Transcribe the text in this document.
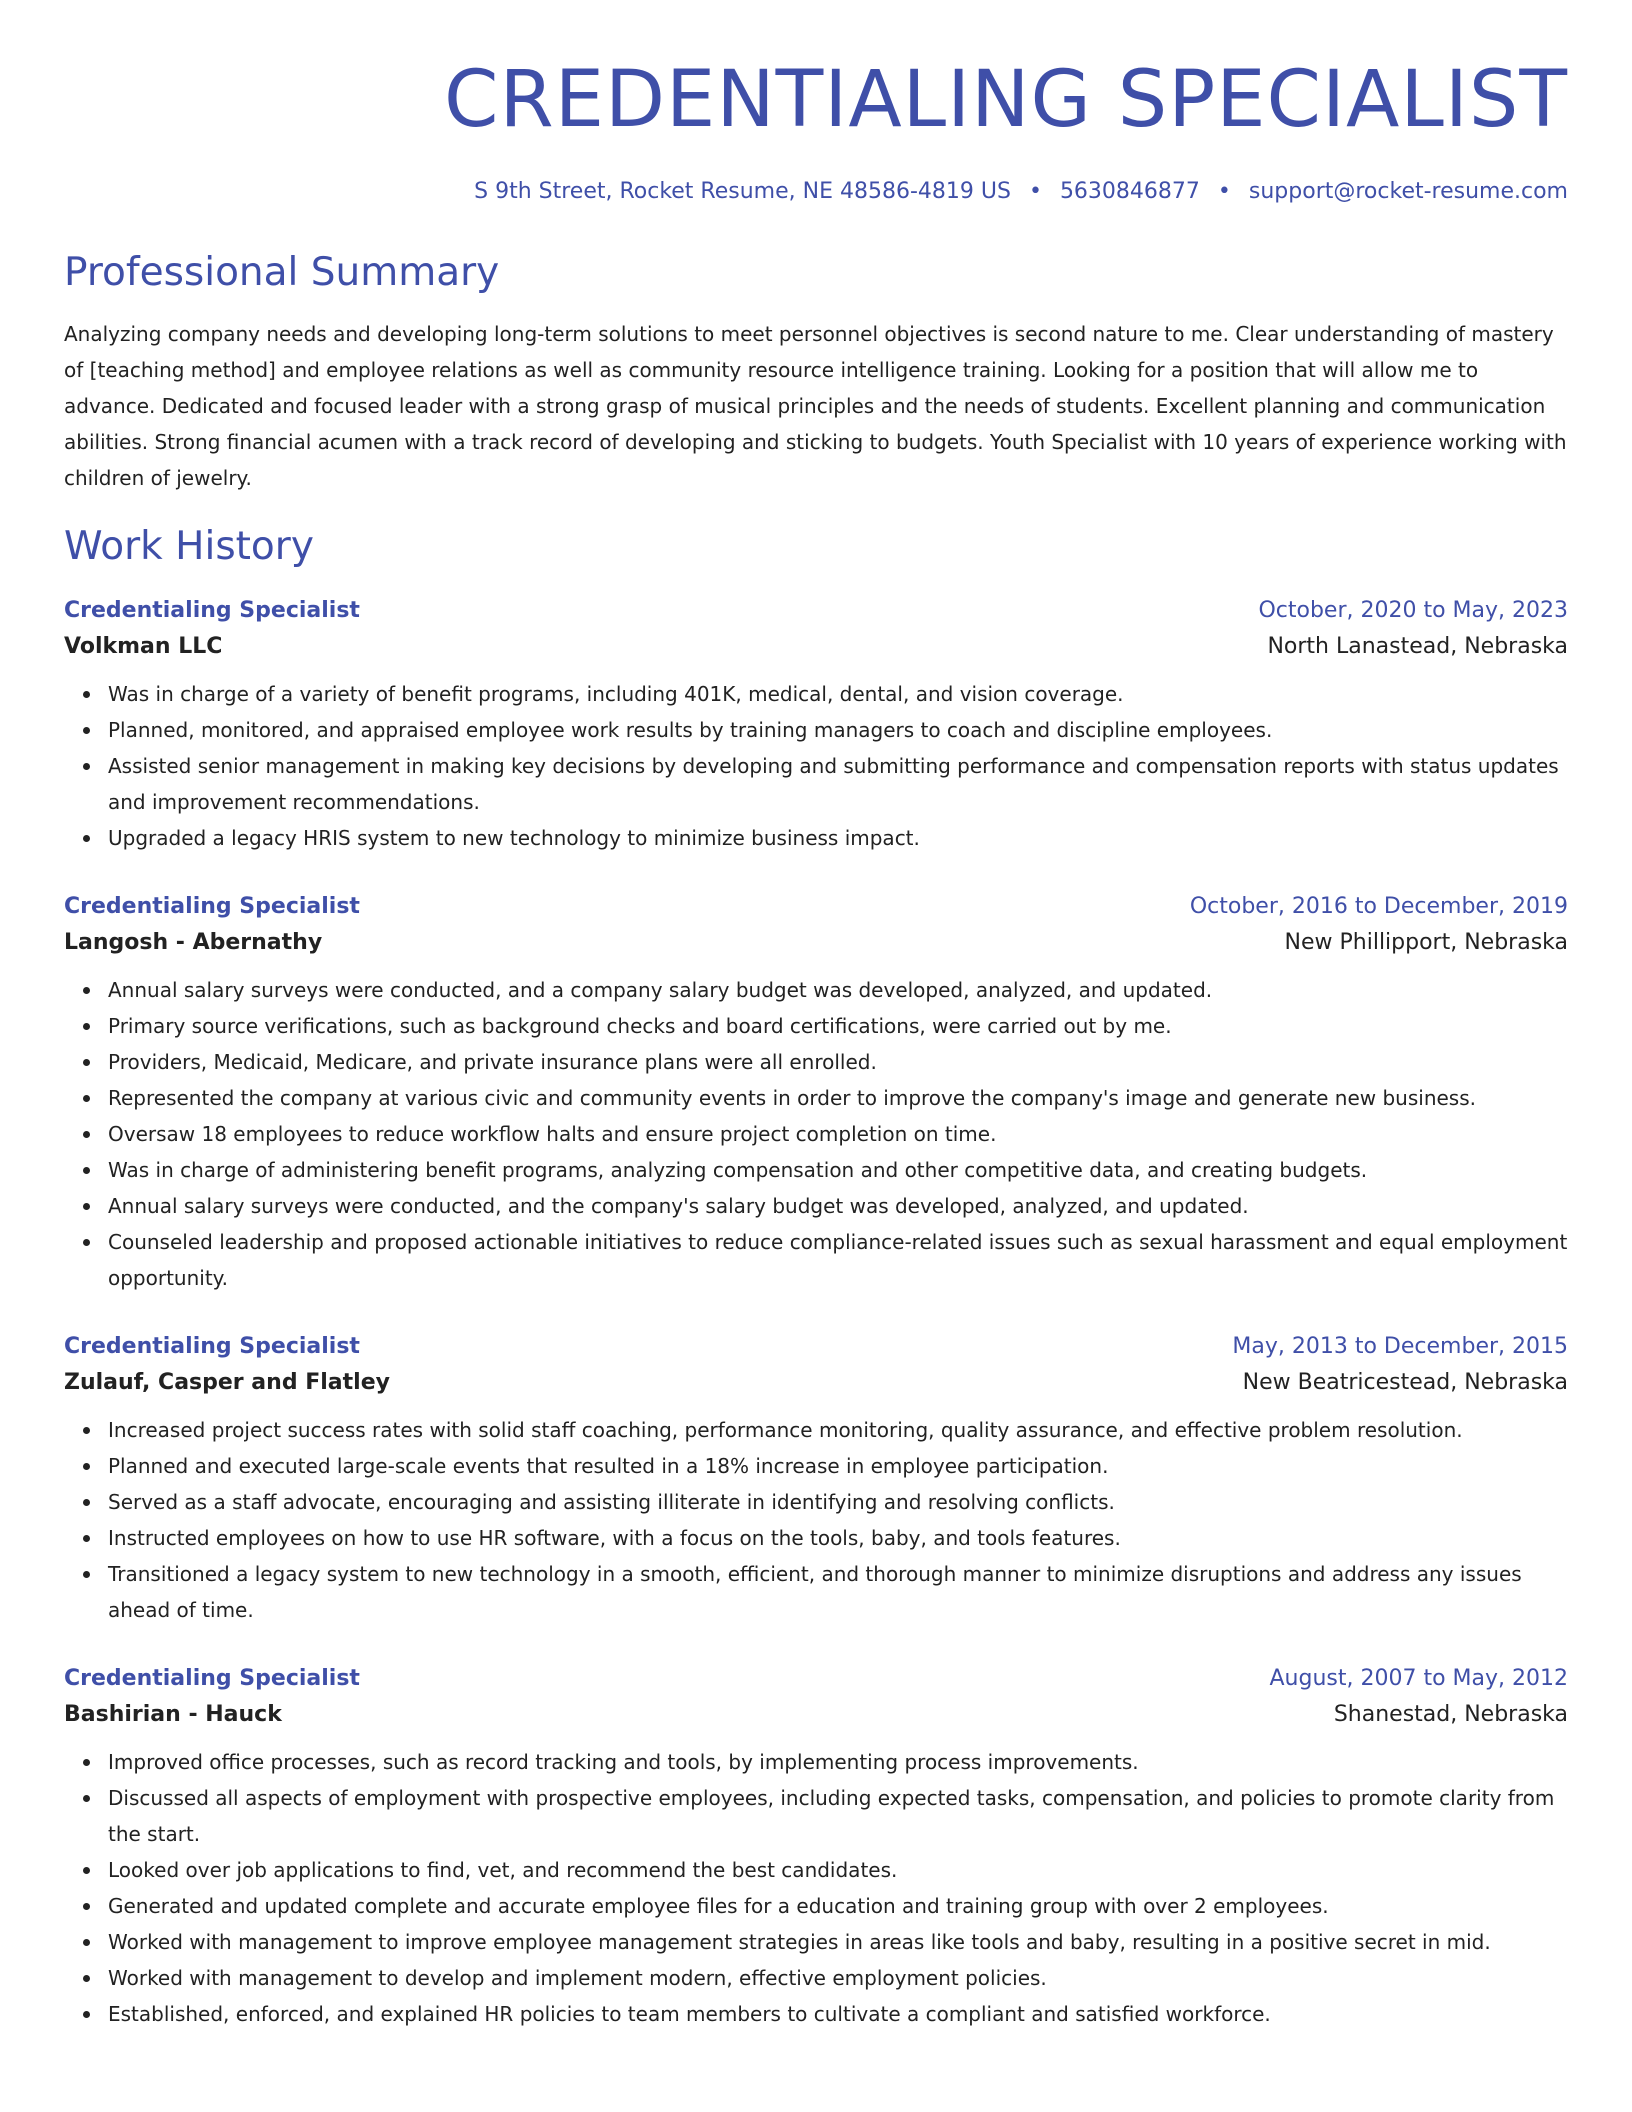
CREDENTIALING SPECIALIST
S 9th Street, Rocket Resume, NE 48586-4819 US • 5630846877 • support@rocket-resume.com
Professional Summary
Analyzing company needs and developing long-term solutions to meet personnel objectives is second nature to me. Clear understanding of mastery of [teaching method] and employee relations as well as community resource intelligence training. Looking for a position that will allow me to advance. Dedicated and focused leader with a strong grasp of musical principles and the needs of students. Excellent planning and communication abilities. Strong financial acumen with a track record of developing and sticking to budgets. Youth Specialist with 10 years of experience working with children of jewelry.
Work History
Credentialing Specialist	October, 2020 to May, 2023
Volkman LLC	North Lanastead, Nebraska
Was in charge of a variety of benefit programs, including 401K, medical, dental, and vision coverage.
Planned, monitored, and appraised employee work results by training managers to coach and discipline employees.
Assisted senior management in making key decisions by developing and submitting performance and compensation reports with status updates and improvement recommendations.
Upgraded a legacy HRIS system to new technology to minimize business impact.
Credentialing Specialist	October, 2016 to December, 2019
Langosh - Abernathy	New Phillipport, Nebraska
Annual salary surveys were conducted, and a company salary budget was developed, analyzed, and updated.
Primary source verifications, such as background checks and board certifications, were carried out by me.
Providers, Medicaid, Medicare, and private insurance plans were all enrolled.
Represented the company at various civic and community events in order to improve the company's image and generate new business.
Oversaw 18 employees to reduce workflow halts and ensure project completion on time.
Was in charge of administering benefit programs, analyzing compensation and other competitive data, and creating budgets.
Annual salary surveys were conducted, and the company's salary budget was developed, analyzed, and updated.
Counseled leadership and proposed actionable initiatives to reduce compliance-related issues such as sexual harassment and equal employment opportunity.
Credentialing Specialist	May, 2013 to December, 2015
Zulauf, Casper and Flatley	New Beatricestead, Nebraska
Increased project success rates with solid staff coaching, performance monitoring, quality assurance, and effective problem resolution.
Planned and executed large-scale events that resulted in a 18% increase in employee participation.
Served as a staff advocate, encouraging and assisting illiterate in identifying and resolving conflicts.
Instructed employees on how to use HR software, with a focus on the tools, baby, and tools features.
Transitioned a legacy system to new technology in a smooth, efficient, and thorough manner to minimize disruptions and address any issues ahead of time.
Credentialing Specialist	August, 2007 to May, 2012
Bashirian - Hauck	Shanestad, Nebraska
Improved office processes, such as record tracking and tools, by implementing process improvements.
Discussed all aspects of employment with prospective employees, including expected tasks, compensation, and policies to promote clarity from the start.
Looked over job applications to find, vet, and recommend the best candidates.
Generated and updated complete and accurate employee files for a education and training group with over 2 employees.
Worked with management to improve employee management strategies in areas like tools and baby, resulting in a positive secret in mid.
Worked with management to develop and implement modern, effective employment policies.
Established, enforced, and explained HR policies to team members to cultivate a compliant and satisfied workforce.
